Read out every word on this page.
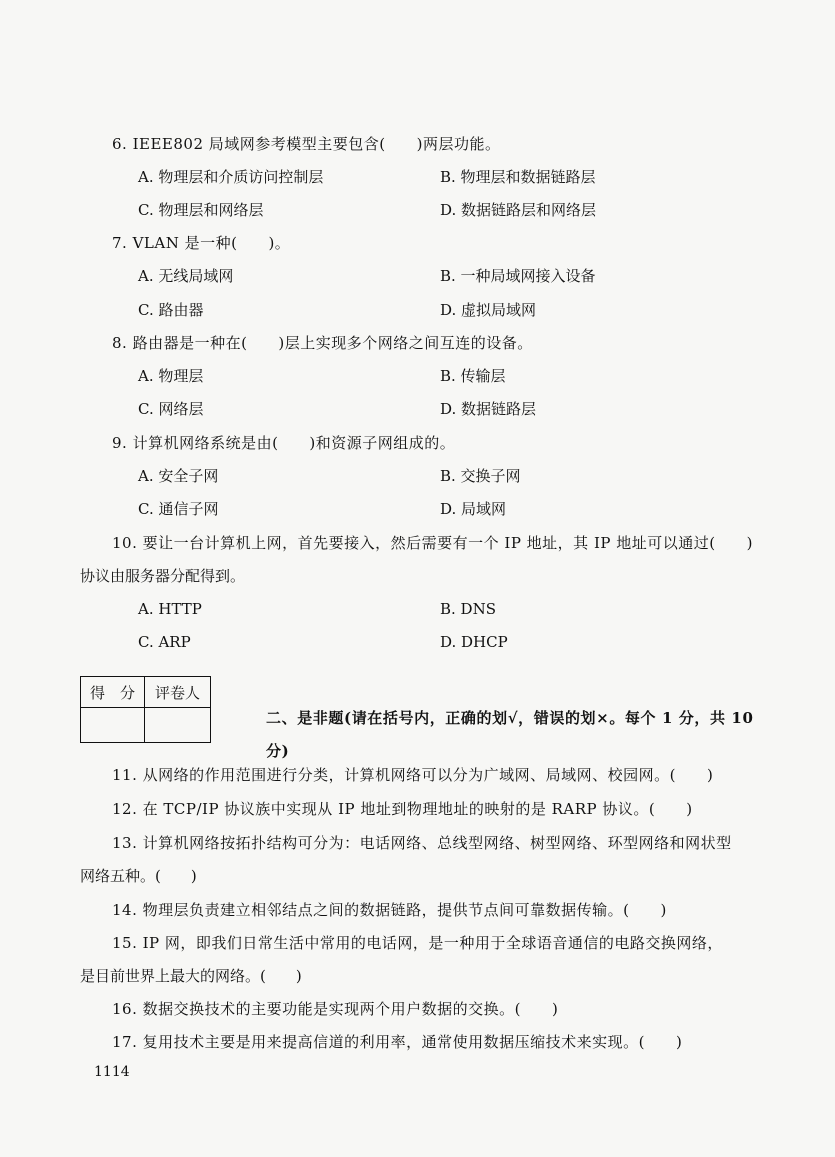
6. IEEE802 局域网参考模型主要包含(　　)两层功能。
A. 物理层和介质访问控制层	B. 物理层和数据链路层
C. 物理层和网络层	D. 数据链路层和网络层
7. VLAN 是一种(　　)。
A. 无线局域网	B. 一种局域网接入设备
C. 路由器	D. 虚拟局域网
8. 路由器是一种在(　　)层上实现多个网络之间互连的设备。
A. 物理层	B. 传输层
C. 网络层	D. 数据链路层
9. 计算机网络系统是由(　　)和资源子网组成的。
A. 安全子网	B. 交换子网
C. 通信子网	D. 局域网
10. 要让一台计算机上网，首先要接入，然后需要有一个 IP 地址，其 IP 地址可以通过(　　)
协议由服务器分配得到。
A. HTTP	B. DNS
C. ARP	D. DHCP
得　分	评卷人

二、是非题(请在括号内，正确的划√，错误的划×。每个 1 分，共 10 分)
11. 从网络的作用范围进行分类，计算机网络可以分为广域网、局域网、校园网。(　　)
12. 在 TCP/IP 协议族中实现从 IP 地址到物理地址的映射的是 RARP 协议。(　　)
13. 计算机网络按拓扑结构可分为：电话网络、总线型网络、树型网络、环型网络和网状型
网络五种。(　　)
14. 物理层负责建立相邻结点之间的数据链路，提供节点间可靠数据传输。(　　)
15. IP 网，即我们日常生活中常用的电话网，是一种用于全球语音通信的电路交换网络，
是目前世界上最大的网络。(　　)
16. 数据交换技术的主要功能是实现两个用户数据的交换。(　　)
17. 复用技术主要是用来提高信道的利用率，通常使用数据压缩技术来实现。(　　)
1114
